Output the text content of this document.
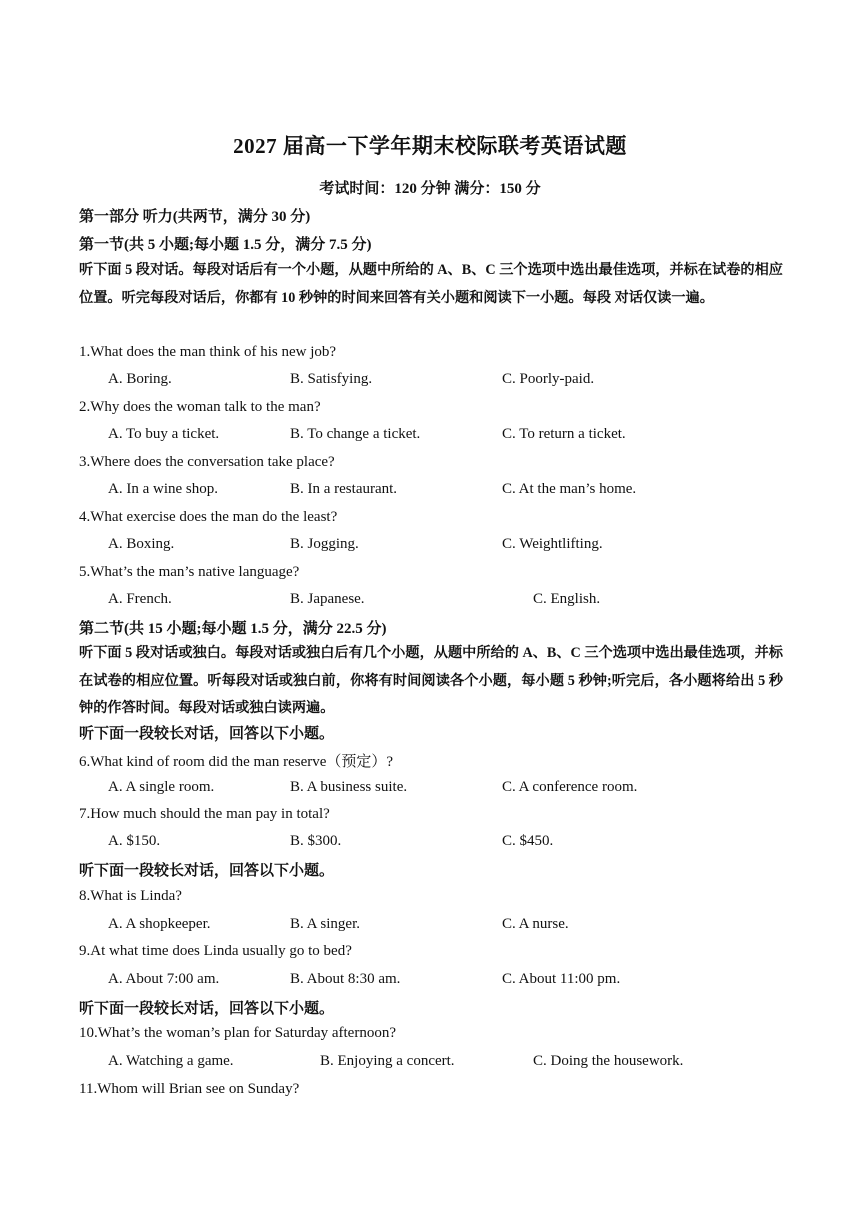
2027 届高一下学年期末校际联考英语试题
考试时间：120 分钟 满分：150 分
第一部分 听力(共两节，满分 30 分)
第一节(共 5 小题;每小题 1.5 分，满分 7.5 分)
听下面 5 段对话。每段对话后有一个小题，从题中所给的 A、B、C 三个选项中选出最佳选项，并标在试卷的相应位置。听完每段对话后，你都有 10 秒钟的时间来回答有关小题和阅读下一小题。每段 对话仅读一遍。
1.What does the man think of his new job?
A. Boring.	B. Satisfying.	C. Poorly-paid.
2.Why does the woman talk to the man?
A. To buy a ticket.	B. To change a ticket.	C. To return a ticket.
3.Where does the conversation take place?
A. In a wine shop.	B. In a restaurant.	C. At the man’s home.
4.What exercise does the man do the least?
A. Boxing.	B. Jogging.	C. Weightlifting.
5.What’s the man’s native language?
A. French.	B. Japanese.	C. English.
第二节(共 15 小题;每小题 1.5 分，满分 22.5 分)
听下面 5 段对话或独白。每段对话或独白后有几个小题，从题中所给的 A、B、C 三个选项中选出最佳选项，并标在试卷的相应位置。听每段对话或独白前，你将有时间阅读各个小题，每小题 5 秒钟;听完后，各小题将给出 5 秒钟的作答时间。每段对话或独白读两遍。
听下面一段较长对话，回答以下小题。
6.What kind of room did the man reserve（预定）?
A. A single room.	B. A business suite.	C. A conference room.
7.How much should the man pay in total?
A. $150.	B. $300.	C. $450.
听下面一段较长对话，回答以下小题。
8.What is Linda?
A. A shopkeeper.	B. A singer.	C. A nurse.
9.At what time does Linda usually go to bed?
A. About 7:00 am.	B. About 8:30 am.	C. About 11:00 pm.
听下面一段较长对话，回答以下小题。
10.What’s the woman’s plan for Saturday afternoon?
A. Watching a game.	B. Enjoying a concert.	C. Doing the housework.
11.Whom will Brian see on Sunday?
